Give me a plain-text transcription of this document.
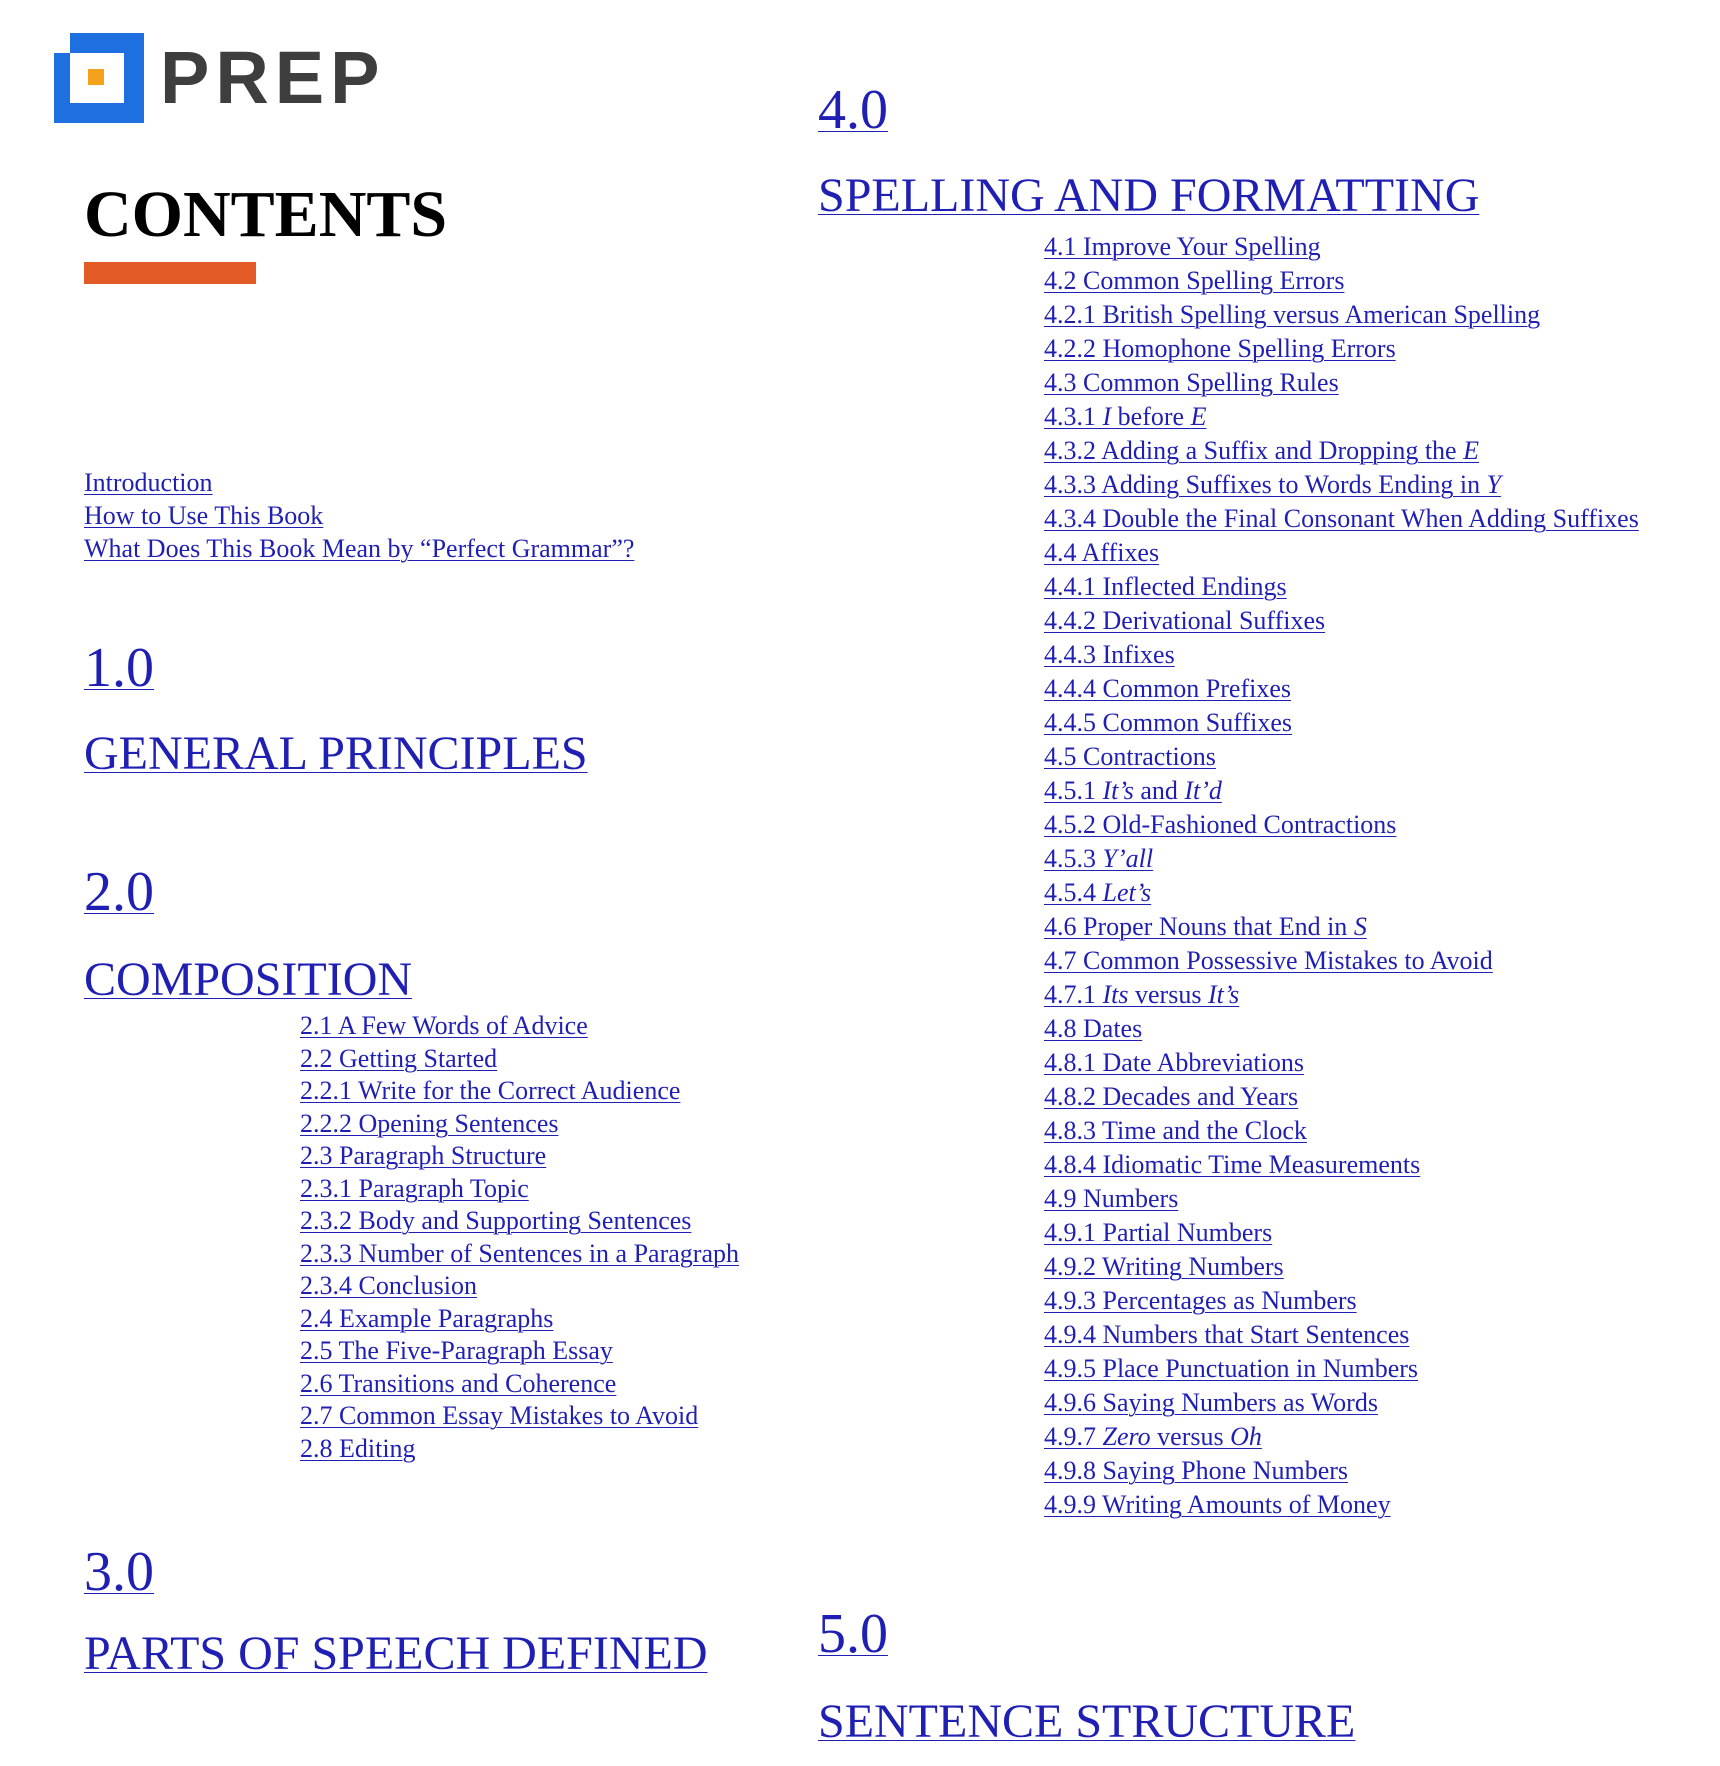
PREP
CONTENTS
Introduction
How to Use This Book
What Does This Book Mean by “Perfect Grammar”?
1.0
GENERAL PRINCIPLES
2.0
COMPOSITION
2.1 A Few Words of Advice
2.2 Getting Started
2.2.1 Write for the Correct Audience
2.2.2 Opening Sentences
2.3 Paragraph Structure
2.3.1 Paragraph Topic
2.3.2 Body and Supporting Sentences
2.3.3 Number of Sentences in a Paragraph
2.3.4 Conclusion
2.4 Example Paragraphs
2.5 The Five-Paragraph Essay
2.6 Transitions and Coherence
2.7 Common Essay Mistakes to Avoid
2.8 Editing
3.0
PARTS OF SPEECH DEFINED
4.0
SPELLING AND FORMATTING
4.1 Improve Your Spelling
4.2 Common Spelling Errors
4.2.1 British Spelling versus American Spelling
4.2.2 Homophone Spelling Errors
4.3 Common Spelling Rules
4.3.1 I before E
4.3.2 Adding a Suffix and Dropping the E
4.3.3 Adding Suffixes to Words Ending in Y
4.3.4 Double the Final Consonant When Adding Suffixes
4.4 Affixes
4.4.1 Inflected Endings
4.4.2 Derivational Suffixes
4.4.3 Infixes
4.4.4 Common Prefixes
4.4.5 Common Suffixes
4.5 Contractions
4.5.1 It’s and It’d
4.5.2 Old-Fashioned Contractions
4.5.3 Y’all
4.5.4 Let’s
4.6 Proper Nouns that End in S
4.7 Common Possessive Mistakes to Avoid
4.7.1 Its versus It’s
4.8 Dates
4.8.1 Date Abbreviations
4.8.2 Decades and Years
4.8.3 Time and the Clock
4.8.4 Idiomatic Time Measurements
4.9 Numbers
4.9.1 Partial Numbers
4.9.2 Writing Numbers
4.9.3 Percentages as Numbers
4.9.4 Numbers that Start Sentences
4.9.5 Place Punctuation in Numbers
4.9.6 Saying Numbers as Words
4.9.7 Zero versus Oh
4.9.8 Saying Phone Numbers
4.9.9 Writing Amounts of Money
5.0
SENTENCE STRUCTURE
